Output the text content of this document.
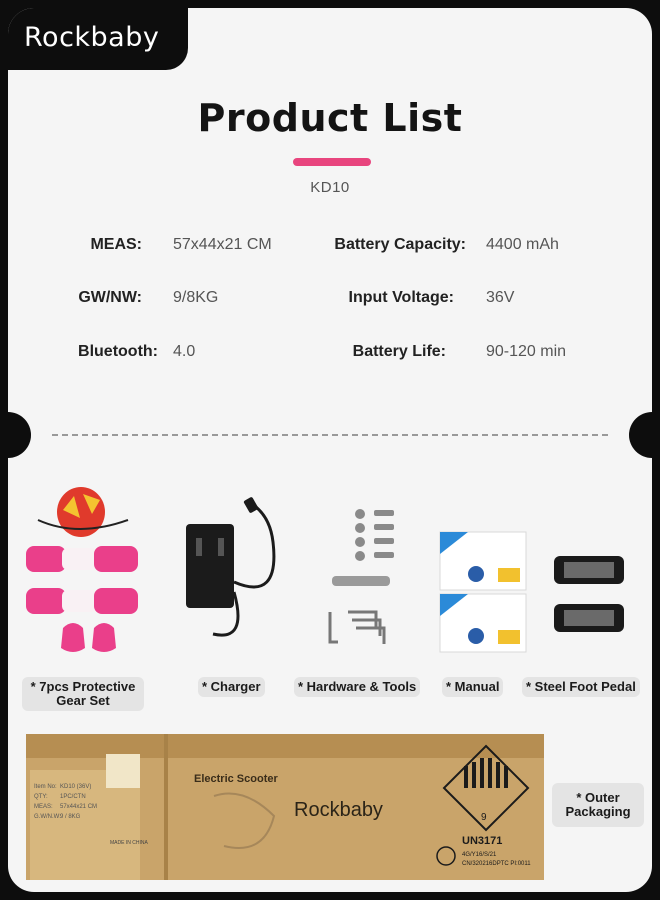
Rockbaby
Product List
KD10
MEAS: 57x44x21 CM
GW/NW: 9/8KG
Bluetooth: 4.0
Battery Capacity: 4400 mAh
Input Voltage: 36V
Battery Life:	90-120 min
* 7pcs Protective
Gear Set
* Charger	* Hardware & Tools	* Manual	* Steel Foot Pedal
Item No: KD10 (36V)
QTY: 1PC/CTN
MEAS: 57x44x21 CM
G.W/N.W: 9 / 8KG
MADE IN CHINA
Electric Scooter
Rockbaby	9
UN3171
4G/Y16/S/21
CN/320216DPTC PI:0011
* Outer
Packaging
